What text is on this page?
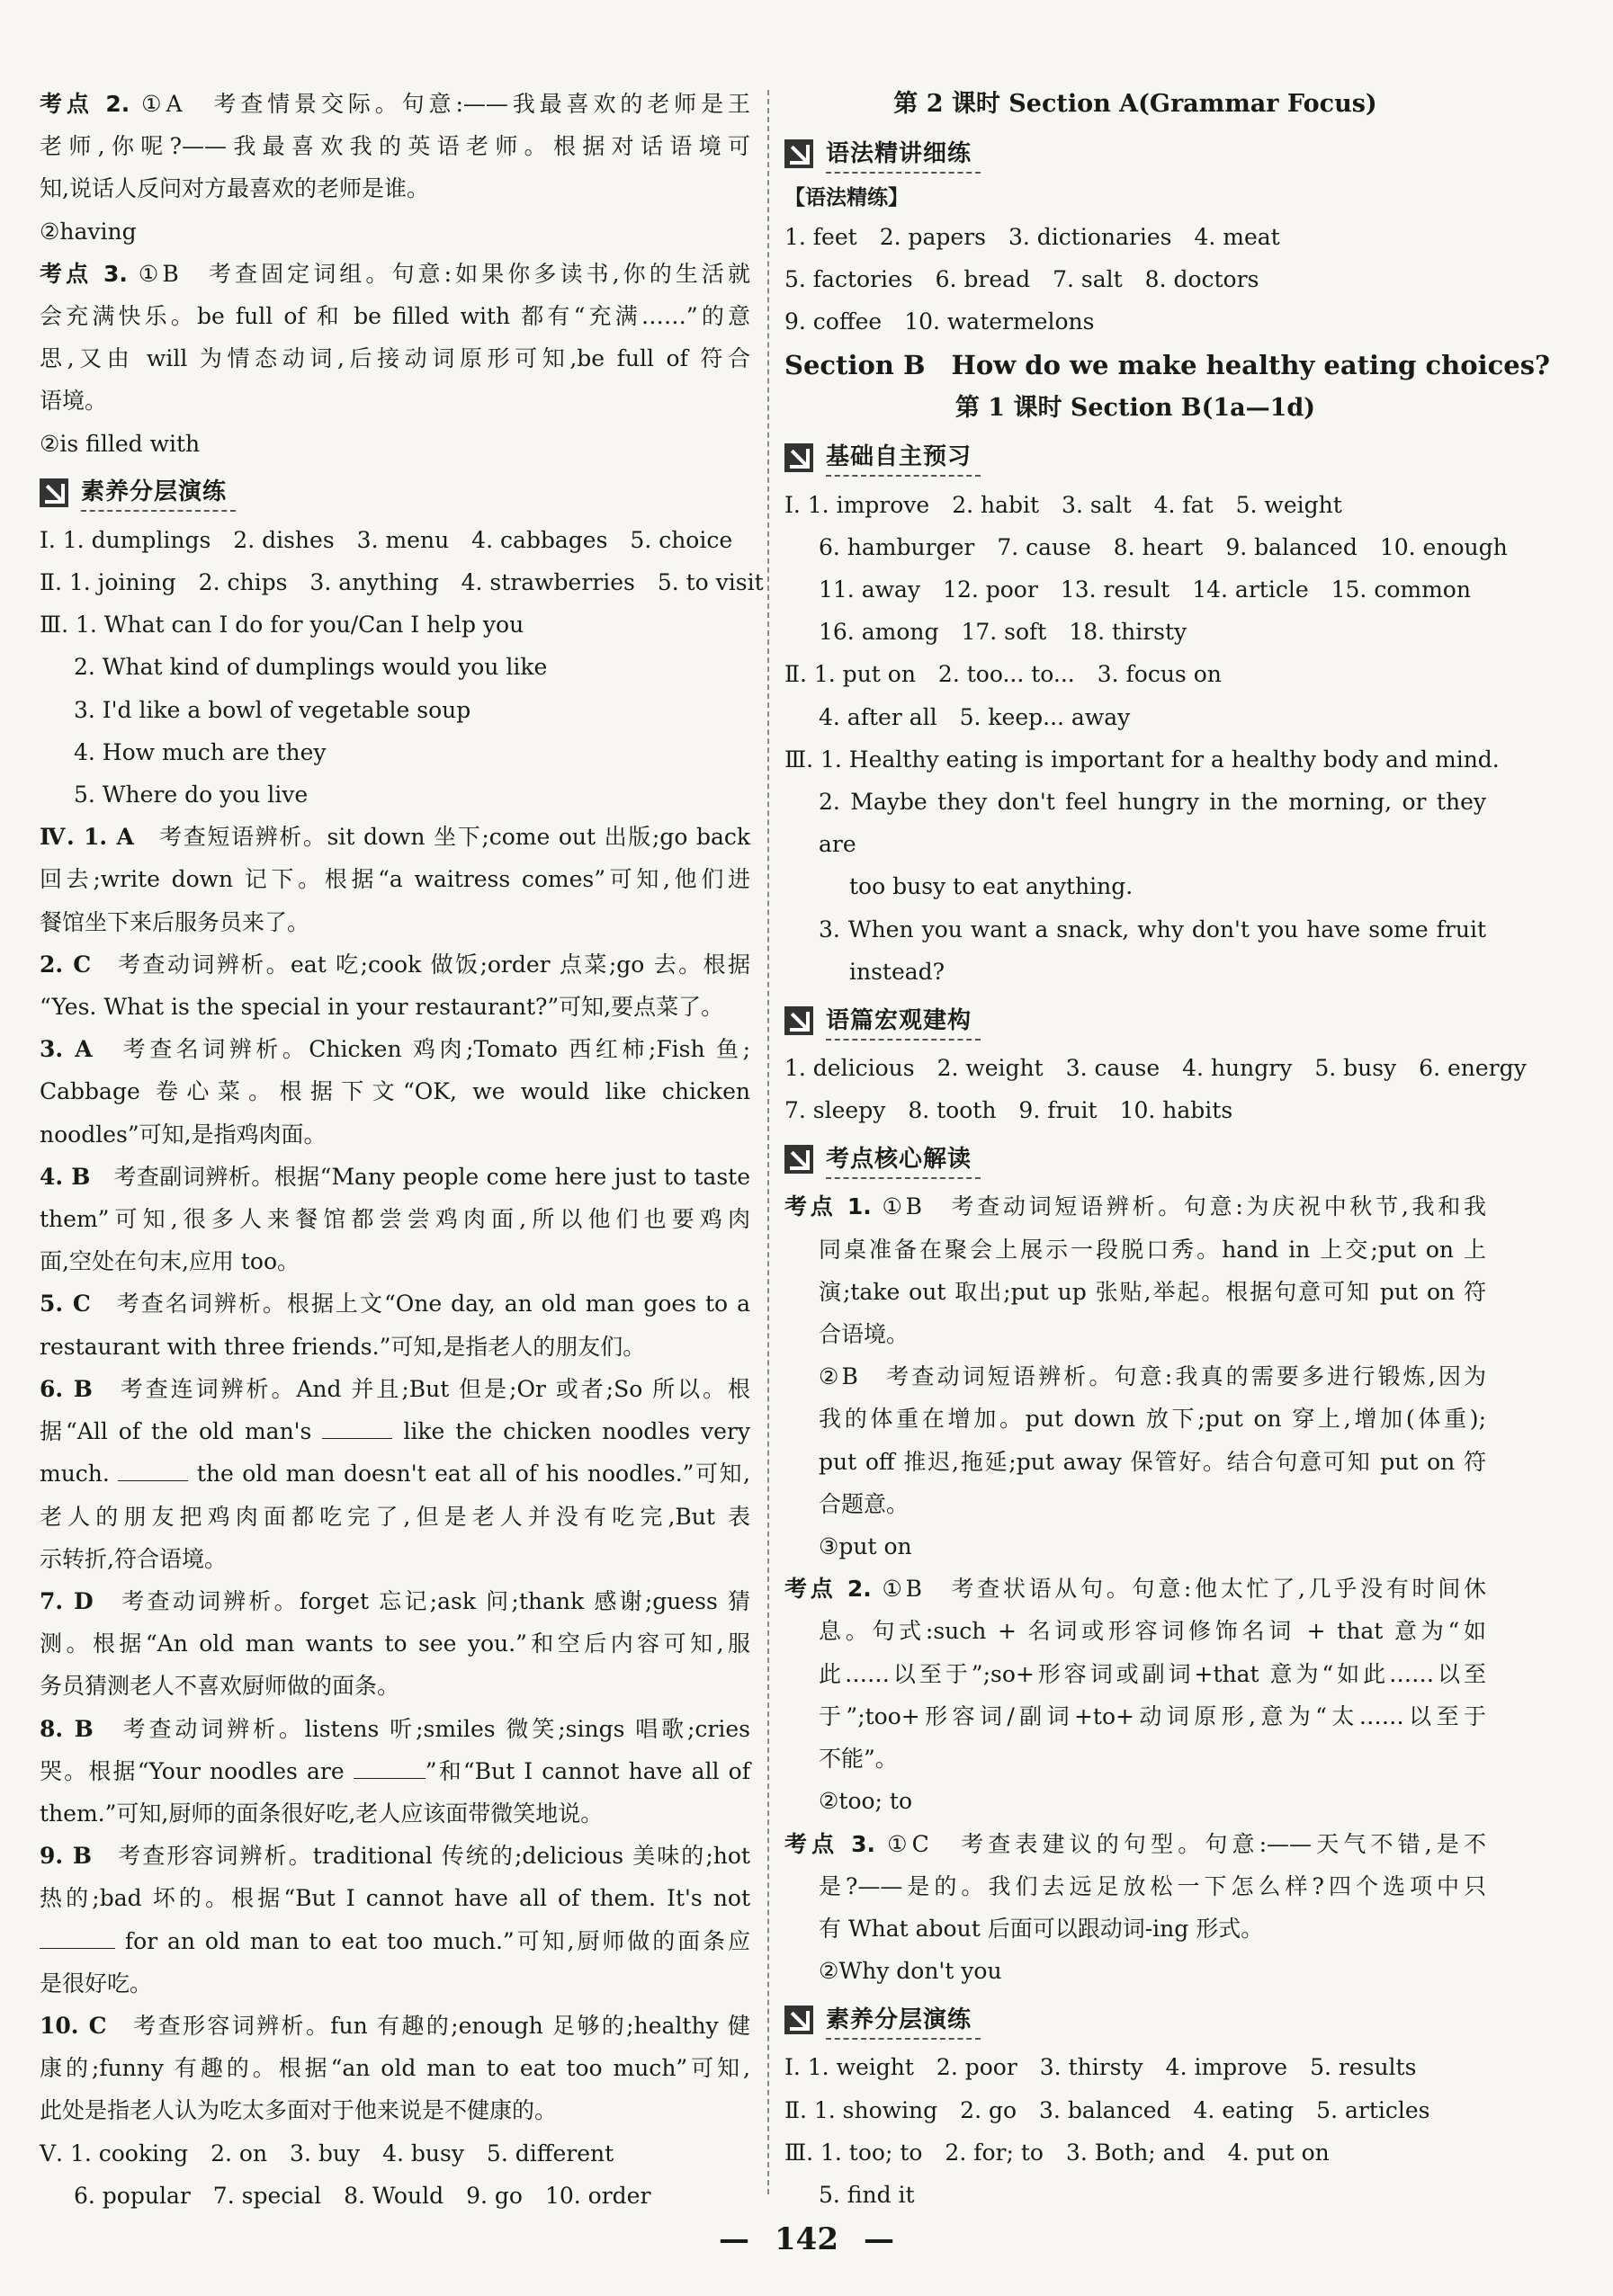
考点 2. ①A　考查情景交际。句意:——我最喜欢的老师是王
老师,你呢?——我最喜欢我的英语老师。根据对话语境可
知,说话人反问对方最喜欢的老师是谁。
②having
考点 3. ①B　考查固定词组。句意:如果你多读书,你的生活就
会充满快乐。be full of 和 be filled with 都有“充满……”的意
思,又由 will 为情态动词,后接动词原形可知,be full of 符合
语境。
②is filled with
素养分层演练
Ⅰ. 1. dumplings　2. dishes　3. menu　4. cabbages　5. choice
Ⅱ. 1. joining　2. chips　3. anything　4. strawberries　5. to visit
Ⅲ. 1. What can I do for you/Can I help you
2. What kind of dumplings would you like
3. I'd like a bowl of vegetable soup
4. How much are they
5. Where do you live
Ⅳ. 1. A　 考查短语辨析。sit down 坐下;come out 出版;go back
回去;write down 记下。根据“a waitress comes”可知,他们进
餐馆坐下来后服务员来了。
2. C　 考查动词辨析。eat 吃;cook 做饭;order 点菜;go 去。根据
“Yes. What is the special in your restaurant?”可知,要点菜了。
3. A　 考查名词辨析。Chicken 鸡肉;Tomato 西红柿;Fish 鱼;
Cabbage 卷心菜。根据下文“OK, we would like chicken
noodles”可知,是指鸡肉面。
4. B　 考查副词辨析。根据“Many people come here just to taste
them”可知,很多人来餐馆都尝尝鸡肉面,所以他们也要鸡肉
面,空处在句末,应用 too。
5. C　 考查名词辨析。根据上文“One day, an old man goes to a
restaurant with three friends.”可知,是指老人的朋友们。
6. B　 考查连词辨析。And 并且;But 但是;Or 或者;So 所以。根
据“All of the old man's	like the chicken noodles very
much.	the old man doesn't eat all of his noodles.”可知,
老人的朋友把鸡肉面都吃完了,但是老人并没有吃完,But 表
示转折,符合语境。
7. D　 考查动词辨析。forget 忘记;ask 问;thank 感谢;guess 猜
测。根据“An old man wants to see you.”和空后内容可知,服
务员猜测老人不喜欢厨师做的面条。
8. B　 考查动词辨析。listens 听;smiles 微笑;sings 唱歌;cries
哭。根据“Your noodles are	”和“But I cannot have all of
them.”可知,厨师的面条很好吃,老人应该面带微笑地说。
9. B　 考查形容词辨析。traditional 传统的;delicious 美味的;hot
热的;bad 坏的。根据“But I cannot have all of them. It's not
for an old man to eat too much.”可知,厨师做的面条应
是很好吃。
10. C　 考查形容词辨析。fun 有趣的;enough 足够的;healthy 健
康的;funny 有趣的。根据“an old man to eat too much”可知,
此处是指老人认为吃太多面对于他来说是不健康的。
Ⅴ. 1. cooking　2. on　3. buy　4. busy　5. different
6. popular　7. special　8. Would　9. go　10. order
第 2 课时 Section A(Grammar Focus)
语法精讲细练
【语法精练】
1. feet　2. papers　3. dictionaries　4. meat
5. factories　6. bread　7. salt　8. doctors
9. coffee　10. watermelons
Section B　How do we make healthy eating choices?
第 1 课时 Section B(1a—1d)
基础自主预习
Ⅰ. 1. improve　2. habit　3. salt　4. fat　5. weight
6. hamburger　7. cause　8. heart　9. balanced　10. enough
11. away　12. poor　13. result　14. article　15. common
16. among　17. soft　18. thirsty
Ⅱ. 1. put on　2. too... to...　3. focus on
4. after all　5. keep... away
Ⅲ. 1. Healthy eating is important for a healthy body and mind.
2. Maybe they don't feel hungry in the morning, or they are
too busy to eat anything.
3. When you want a snack, why don't you have some fruit
instead?
语篇宏观建构
1. delicious　2. weight　3. cause　4. hungry　5. busy　6. energy
7. sleepy　8. tooth　9. fruit　10. habits
考点核心解读
考点 1. ①B　考查动词短语辨析。句意:为庆祝中秋节,我和我
同桌准备在聚会上展示一段脱口秀。hand in 上交;put on 上
演;take out 取出;put up 张贴,举起。根据句意可知 put on 符
合语境。
②B　考查动词短语辨析。句意:我真的需要多进行锻炼,因为
我的体重在增加。put down 放下;put on 穿上,增加(体重);
put off 推迟,拖延;put away 保管好。结合句意可知 put on 符
合题意。
③put on
考点 2. ①B　考查状语从句。句意:他太忙了,几乎没有时间休
息。句式:such + 名词或形容词修饰名词 + that 意为“如
此……以至于”;so+形容词或副词+that 意为“如此……以至
于”;too+形容词/副词+to+动词原形,意为“太……以至于
不能”。
②too; to
考点 3. ①C　考查表建议的句型。句意:——天气不错,是不
是?——是的。我们去远足放松一下怎么样?四个选项中只
有 What about 后面可以跟动词-ing 形式。
②Why don't you
素养分层演练
Ⅰ. 1. weight　2. poor　3. thirsty　4. improve　5. results
Ⅱ. 1. showing　2. go　3. balanced　4. eating　5. articles
Ⅲ. 1. too; to　2. for; to　3. Both; and　4. put on
5. find it
— 142 —
